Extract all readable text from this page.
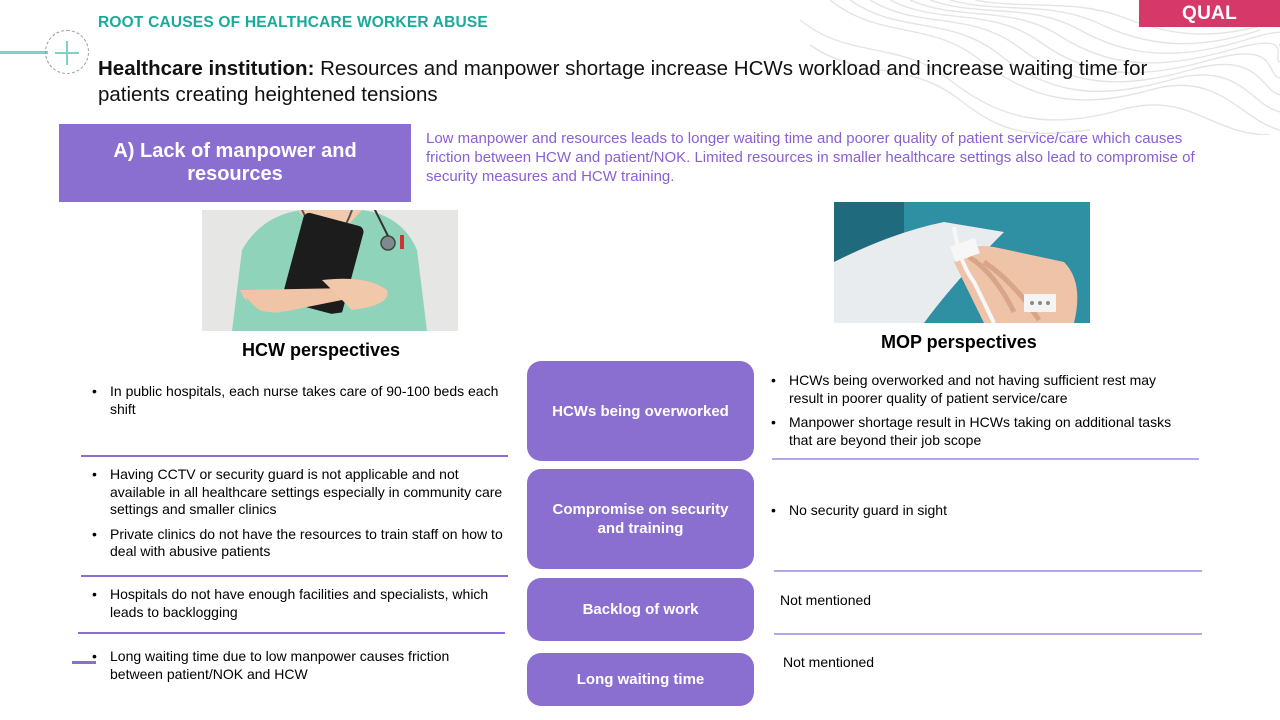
QUAL
ROOT CAUSES OF HEALTHCARE WORKER ABUSE
Healthcare institution: Resources and manpower shortage increase HCWs workload and increase waiting time for patients creating heightened tensions
A) Lack of manpower and resources
Low manpower and resources leads to longer waiting time and poorer quality of patient service/care which causes friction between HCW and patient/NOK. Limited resources in smaller healthcare settings also lead to compromise of security measures and HCW training.
HCW perspectives	MOP perspectives
HCWs being overworked
Compromise on security and training
Backlog of work
Long waiting time
• In public hospitals, each nurse takes care of 90-100 beds each shift
• Having CCTV or security guard is not applicable and not available in all healthcare settings especially in community care settings and smaller clinics
• Private clinics do not have the resources to train staff on how to deal with abusive patients
• Hospitals do not have enough facilities and specialists, which leads to backlogging
• Long waiting time due to low manpower causes friction between patient/NOK and HCW
• HCWs being overworked and not having sufficient rest may result in poorer quality of patient service/care
• Manpower shortage result in HCWs taking on additional tasks that are beyond their job scope
• No security guard in sight
Not mentioned
Not mentioned
